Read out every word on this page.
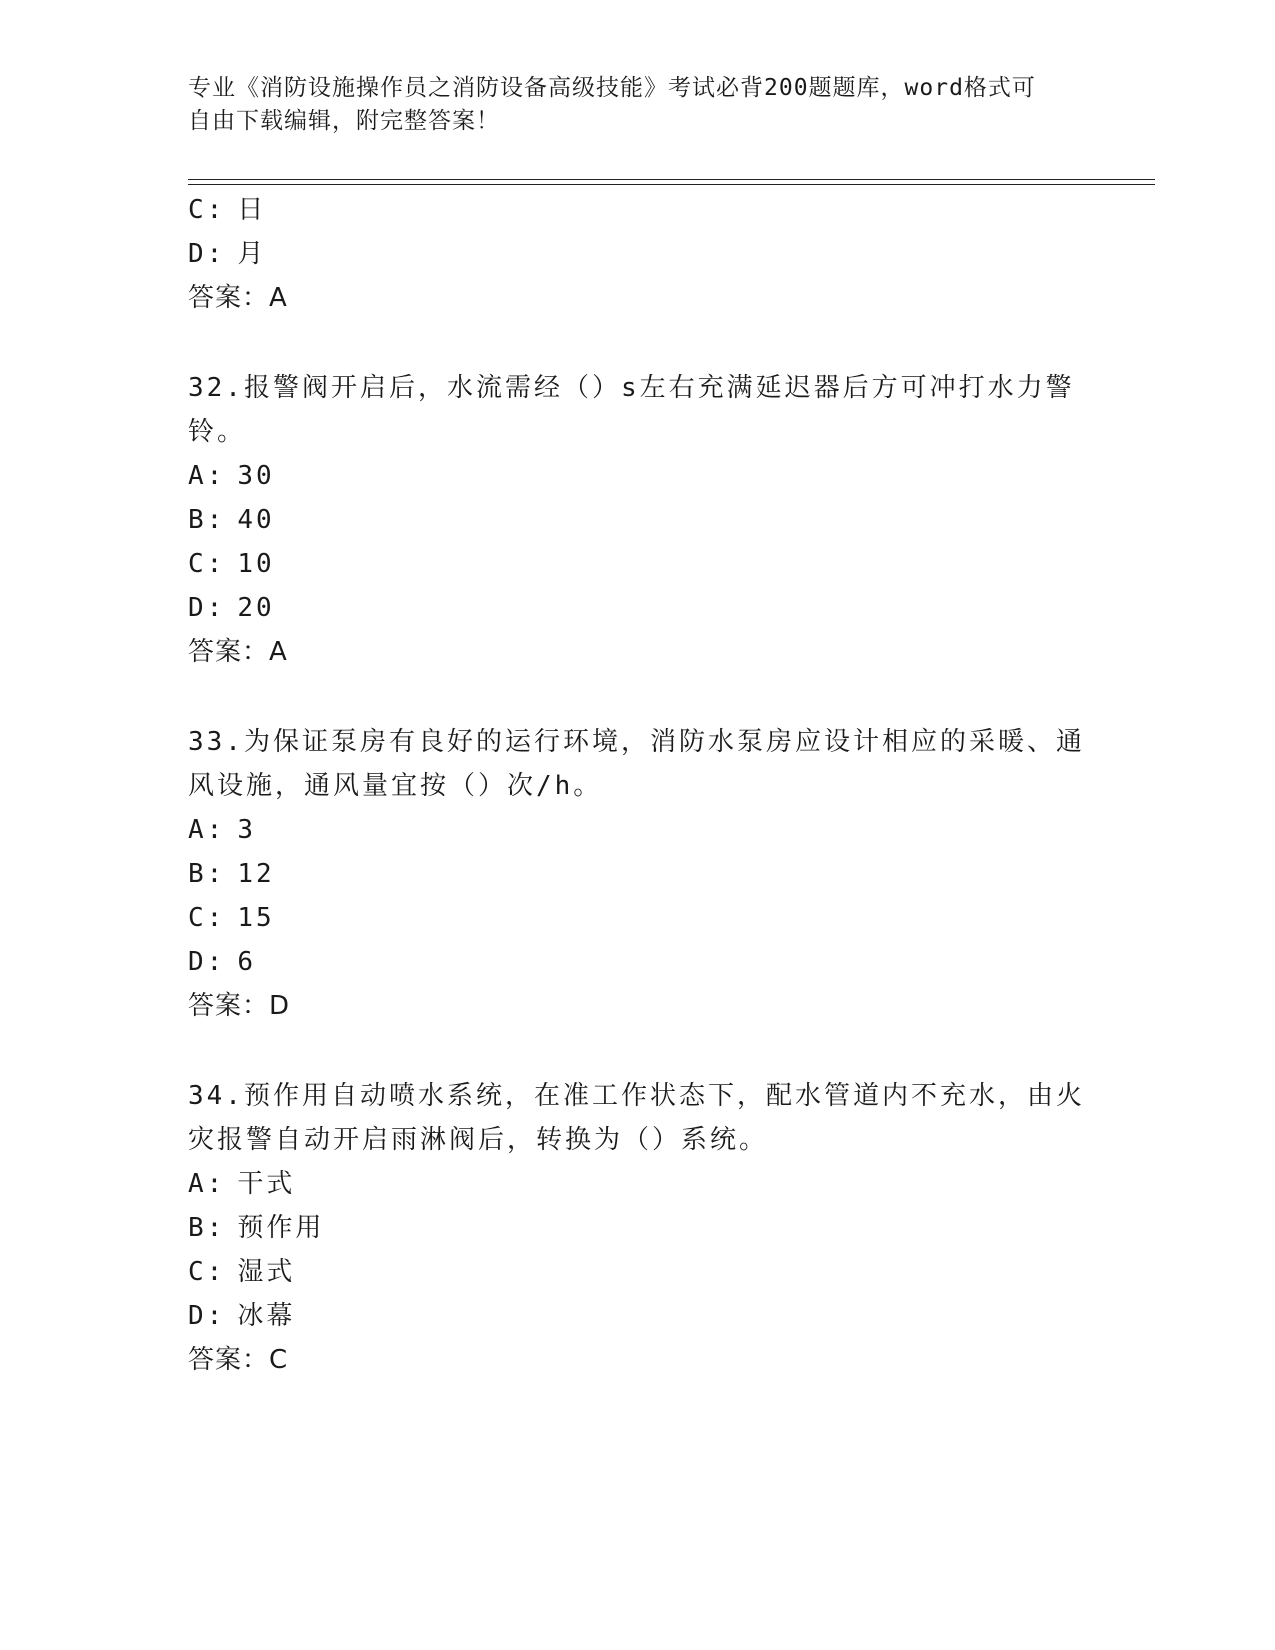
专业《消防设施操作员之消防设备高级技能》考试必背200题题库，word格式可
自由下载编辑，附完整答案！
C: 日
D: 月
答案：A
32.报警阀开启后，水流需经（）s左右充满延迟器后方可冲打水力警
铃。
A: 30
B: 40
C: 10
D: 20
答案：A
33.为保证泵房有良好的运行环境，消防水泵房应设计相应的采暖、通
风设施，通风量宜按（）次/h。
A: 3
B: 12
C: 15
D: 6
答案：D
34.预作用自动喷水系统，在准工作状态下，配水管道内不充水，由火
灾报警自动开启雨淋阀后，转换为（）系统。
A: 干式
B: 预作用
C: 湿式
D: 冰幕
答案：C
